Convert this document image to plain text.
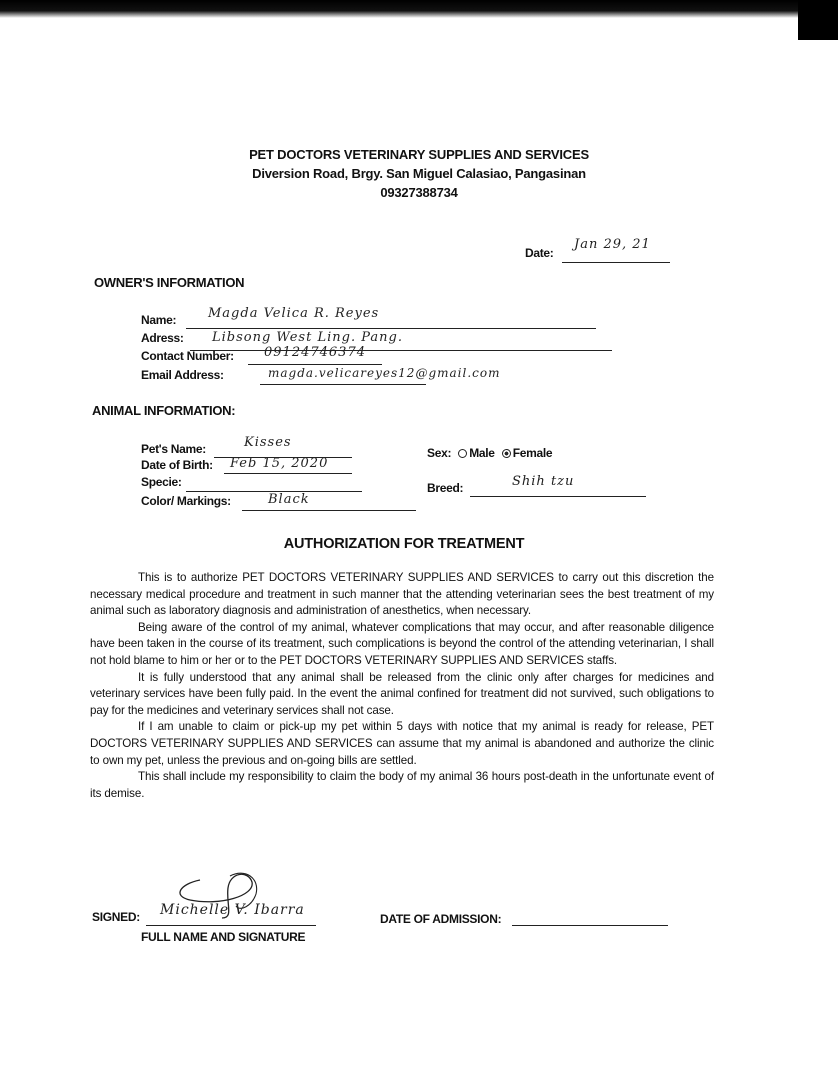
PET DOCTORS VETERINARY SUPPLIES AND SERVICES
Diversion Road, Brgy. San Miguel Calasiao, Pangasinan
09327388734
Date:
Jan 29, 21
OWNER'S INFORMATION
Name: Magda Velica R. Reyes
Adress: Libsong West Ling. Pang.
Contact Number: 09124746374
Email Address:	magda.velicareyes12@gmail.com
ANIMAL INFORMATION:
Pet's Name:	Kisses
Date of Birth: Feb 15, 2020
Specie:
Color/ Markings:	Black
Sex: Male Female
Breed:	Shih tzu
AUTHORIZATION FOR TREATMENT

This is to authorize PET DOCTORS VETERINARY SUPPLIES AND SERVICES to carry out this discretion the necessary medical procedure and treatment in such manner that the attending veterinarian sees the best treatment of my animal such as laboratory diagnosis and administration of anesthetics, when necessary.

Being aware of the control of my animal, whatever complications that may occur, and after reasonable diligence have been taken in the course of its treatment, such complications is beyond the control of the attending veterinarian, I shall not hold blame to him or her or to the PET DOCTORS VETERINARY SUPPLIES AND SERVICES staffs.

It is fully understood that any animal shall be released from the clinic only after charges for medicines and veterinary services have been fully paid. In the event the animal confined for treatment did not survived, such obligations to pay for the medicines and veterinary services shall not case.

If I am unable to claim or pick-up my pet within 5 days with notice that my animal is ready for release, PET DOCTORS VETERINARY SUPPLIES AND SERVICES can assume that my animal is abandoned and authorize the clinic to own my pet, unless the previous and on-going bills are settled.

This shall include my responsibility to claim the body of my animal 36 hours post-death in the unfortunate event of its demise.

SIGNED: Michelle V. Ibarra
FULL NAME AND SIGNATURE
DATE OF ADMISSION:
